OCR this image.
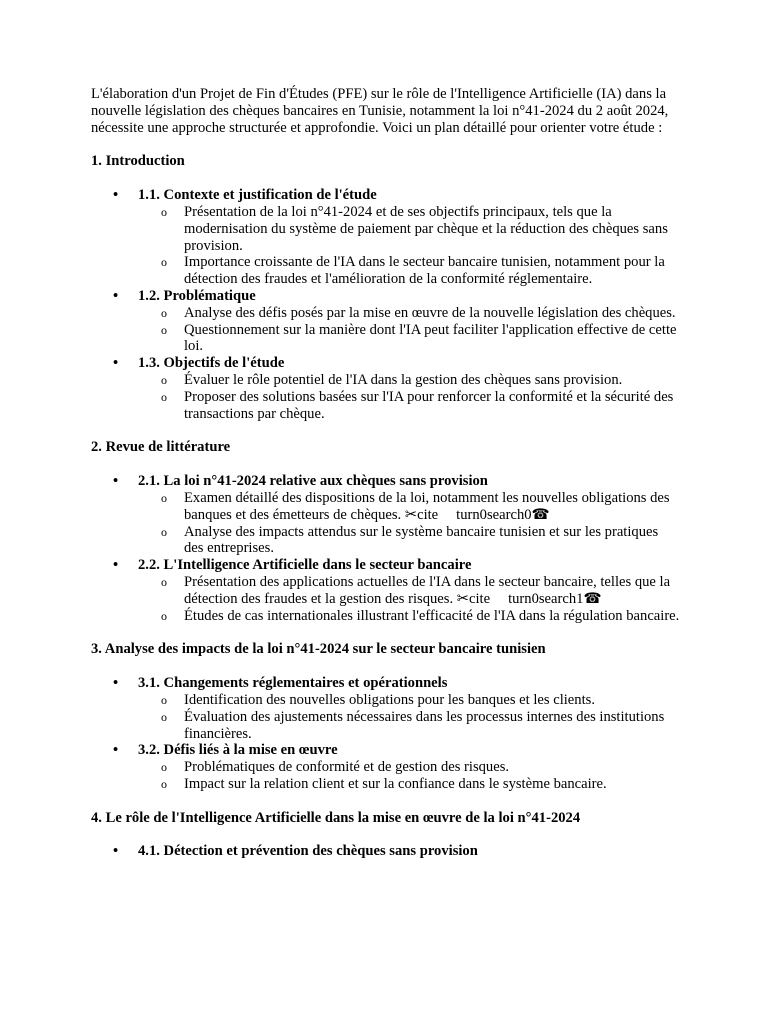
L'élaboration d'un Projet de Fin d'Études (PFE) sur le rôle de l'Intelligence Artificielle (IA) dans la nouvelle législation des chèques bancaires en Tunisie, notamment la loi n°41-2024 du 2 août 2024, nécessite une approche structurée et approfondie. Voici un plan détaillé pour orienter votre étude :

1. Introduction

• 1.1. Contexte et justification de l'étude
o Présentation de la loi n°41-2024 et de ses objectifs principaux, tels que la modernisation du système de paiement par chèque et la réduction des chèques sans provision.
o Importance croissante de l'IA dans le secteur bancaire tunisien, notamment pour la détection des fraudes et l'amélioration de la conformité réglementaire.
• 1.2. Problématique
o Analyse des défis posés par la mise en œuvre de la nouvelle législation des chèques.
o Questionnement sur la manière dont l'IA peut faciliter l'application effective de cette loi.
• 1.3. Objectifs de l'étude
o Évaluer le rôle potentiel de l'IA dans la gestion des chèques sans provision.
o Proposer des solutions basées sur l'IA pour renforcer la conformité et la sécurité des transactions par chèque.

2. Revue de littérature

• 2.1. La loi n°41-2024 relative aux chèques sans provision
o Examen détaillé des dispositions de la loi, notamment les nouvelles obligations des banques et des émetteurs de chèques. ✂cite turn0search0☎
o Analyse des impacts attendus sur le système bancaire tunisien et sur les pratiques des entreprises.
• 2.2. L'Intelligence Artificielle dans le secteur bancaire
o Présentation des applications actuelles de l'IA dans le secteur bancaire, telles que la détection des fraudes et la gestion des risques. ✂cite turn0search1☎
o Études de cas internationales illustrant l'efficacité de l'IA dans la régulation bancaire.

3. Analyse des impacts de la loi n°41-2024 sur le secteur bancaire tunisien

• 3.1. Changements réglementaires et opérationnels
o Identification des nouvelles obligations pour les banques et les clients.
o Évaluation des ajustements nécessaires dans les processus internes des institutions financières.
• 3.2. Défis liés à la mise en œuvre
o Problématiques de conformité et de gestion des risques.
o Impact sur la relation client et sur la confiance dans le système bancaire.

4. Le rôle de l'Intelligence Artificielle dans la mise en œuvre de la loi n°41-2024

• 4.1. Détection et prévention des chèques sans provision
